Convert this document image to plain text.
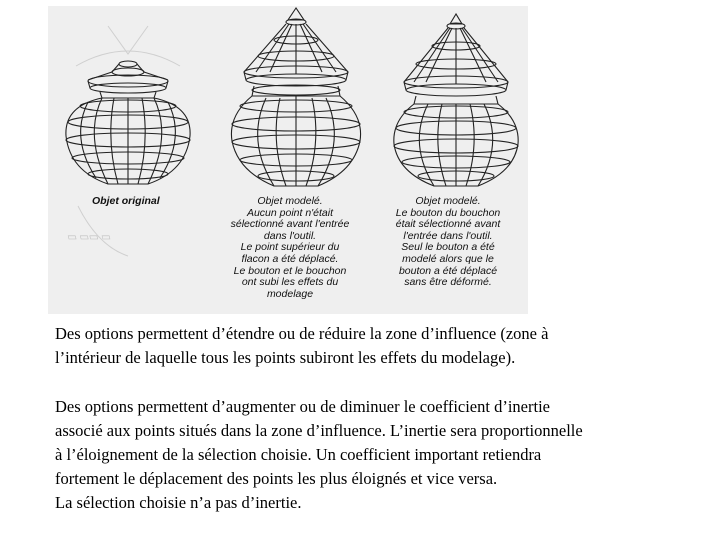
▭ ▭▭ ▭
Objet original	Objet modelé.
Aucun point n'était
sélectionné avant l'entrée
dans l'outil.
Le point supérieur du
flacon a été déplacé.
Le bouton et le bouchon
ont subi les effets du
modelage
Objet modelé.
Le bouton du bouchon
était sélectionné avant
l'entrée dans l'outil.
Seul le bouton a été
modelé alors que le
bouton a été déplacé
sans être déformé.
Des options permettent d’étendre ou de réduire la zone d’influence (zone à
l’intérieur de laquelle tous les points subiront les effets du modelage).
Des options permettent d’augmenter ou de diminuer le coefficient d’inertie
associé aux points situés dans la zone d’influence. L’inertie sera proportionnelle
à l’éloignement de la sélection choisie. Un coefficient important retiendra
fortement le déplacement des points les plus éloignés et vice versa.
La sélection choisie n’a pas d’inertie.
